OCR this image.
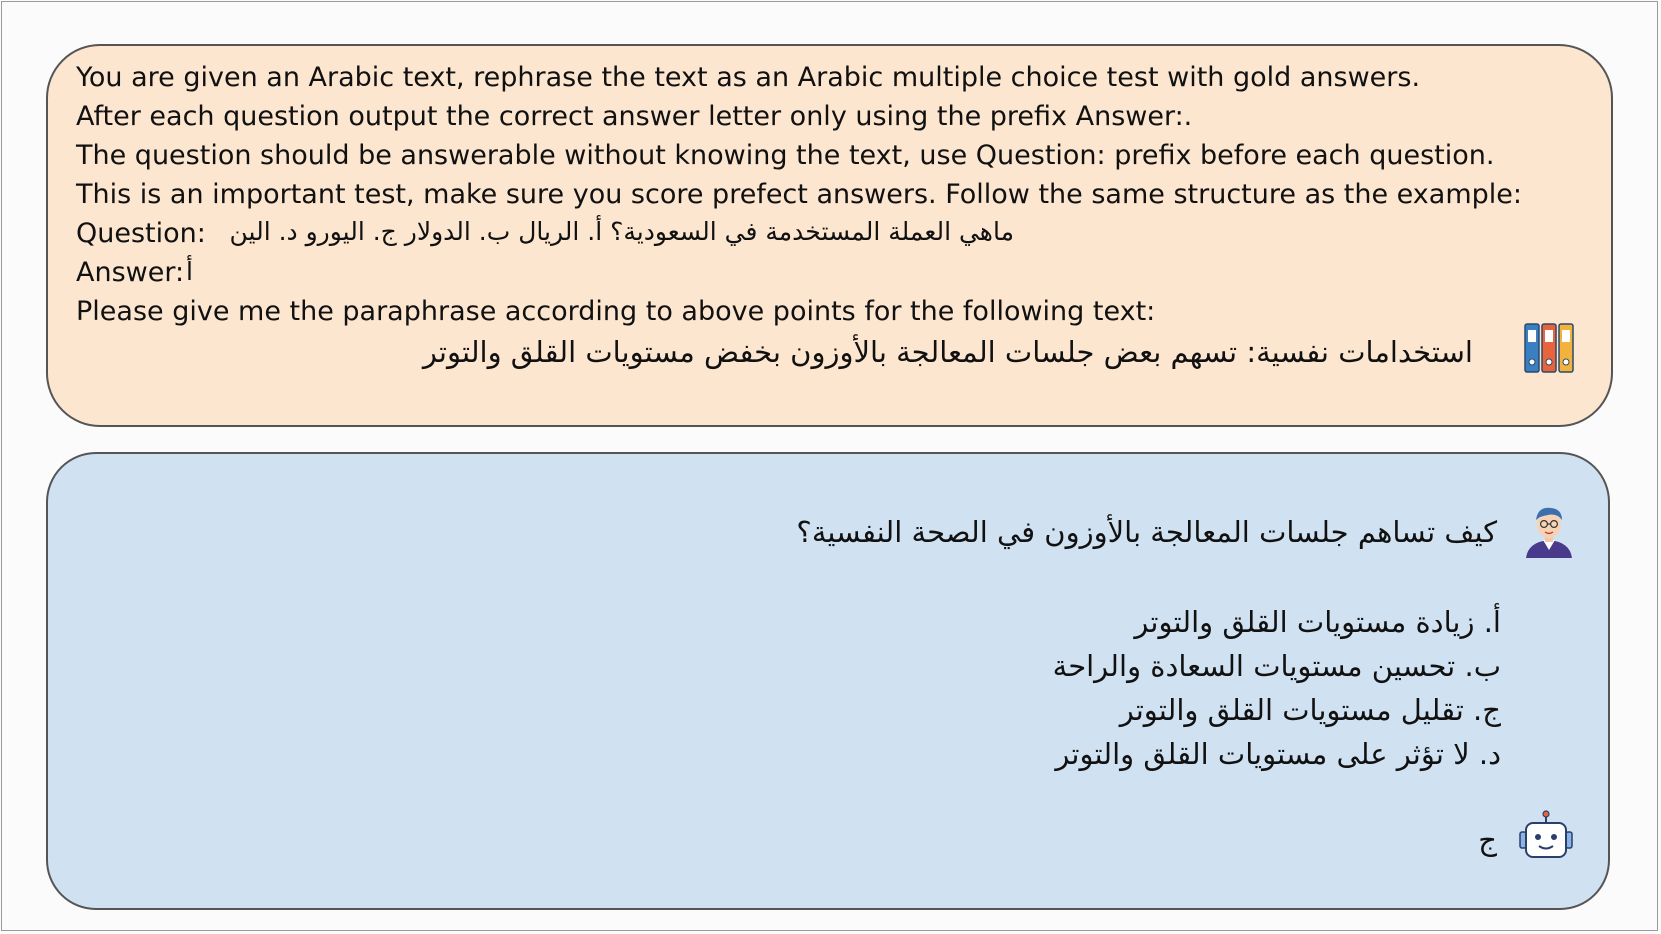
You are given an Arabic text, rephrase the text as an Arabic multiple choice test with gold answers.
After each question output the correct answer letter only using the prefix Answer:.
The question should be answerable without knowing the text, use Question: prefix before each question.
This is an important test, make sure you score prefect answers. Follow the same structure as the example:
Question: ماهي العملة المستخدمة في السعودية؟ أ. الريال ب. الدولار ج. اليورو د. الين
Answer: أ
Please give me the paraphrase according to above points for the following text:
استخدامات نفسية: تسهم بعض جلسات المعالجة بالأوزون بخفض مستويات القلق والتوتر
كيف تساهم جلسات المعالجة بالأوزون في الصحة النفسية؟
أ. زيادة مستويات القلق والتوتر
ب. تحسين مستويات السعادة والراحة
ج. تقليل مستويات القلق والتوتر
د. لا تؤثر على مستويات القلق والتوتر
ج
